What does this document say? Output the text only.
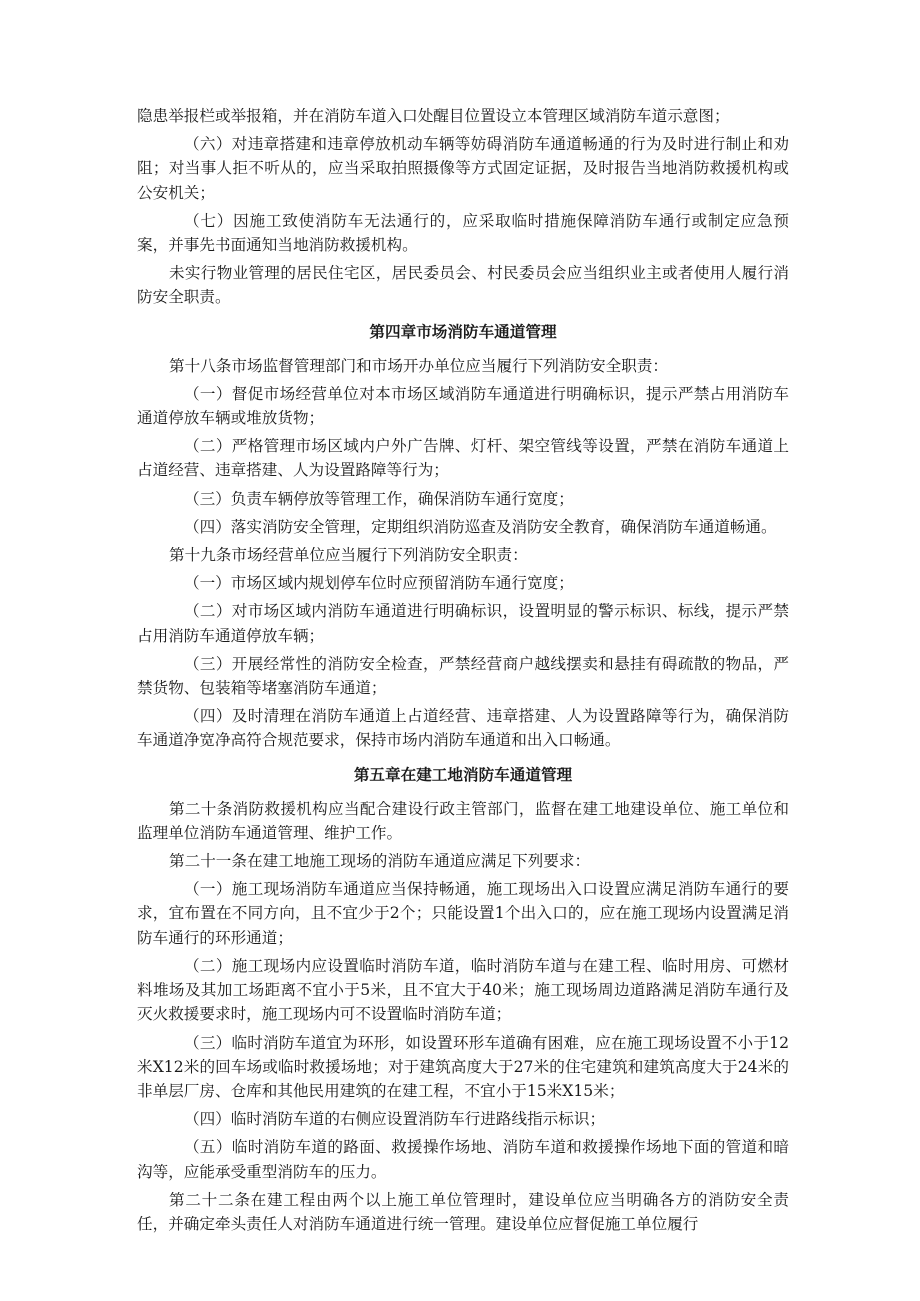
隐患举报栏或举报箱，并在消防车道入口处醒目位置设立本管理区域消防车道示意图；

（六）对违章搭建和违章停放机动车辆等妨碍消防车通道畅通的行为及时进行制止和劝阻；对当事人拒不听从的，应当采取拍照摄像等方式固定证据，及时报告当地消防救援机构或公安机关；

（七）因施工致使消防车无法通行的，应采取临时措施保障消防车通行或制定应急预案，并事先书面通知当地消防救援机构。

未实行物业管理的居民住宅区，居民委员会、村民委员会应当组织业主或者使用人履行消防安全职责。

第四章市场消防车通道管理

第十八条市场监督管理部门和市场开办单位应当履行下列消防安全职责：

（一）督促市场经营单位对本市场区域消防车通道进行明确标识，提示严禁占用消防车通道停放车辆或堆放货物；

（二）严格管理市场区域内户外广告牌、灯杆、架空管线等设置，严禁在消防车通道上占道经营、违章搭建、人为设置路障等行为；

（三）负责车辆停放等管理工作，确保消防车通行宽度；

（四）落实消防安全管理，定期组织消防巡查及消防安全教育，确保消防车通道畅通。

第十九条市场经营单位应当履行下列消防安全职责：

（一）市场区域内规划停车位时应预留消防车通行宽度；

（二）对市场区域内消防车通道进行明确标识，设置明显的警示标识、标线，提示严禁占用消防车通道停放车辆；

（三）开展经常性的消防安全检查，严禁经营商户越线摆卖和悬挂有碍疏散的物品，严禁货物、包装箱等堵塞消防车通道；

（四）及时清理在消防车通道上占道经营、违章搭建、人为设置路障等行为，确保消防车通道净宽净高符合规范要求，保持市场内消防车通道和出入口畅通。

第五章在建工地消防车通道管理

第二十条消防救援机构应当配合建设行政主管部门，监督在建工地建设单位、施工单位和监理单位消防车通道管理、维护工作。

第二十一条在建工地施工现场的消防车通道应满足下列要求：

（一）施工现场消防车通道应当保持畅通，施工现场出入口设置应满足消防车通行的要求，宜布置在不同方向，且不宜少于2个；只能设置1个出入口的，应在施工现场内设置满足消防车通行的环形通道；

（二）施工现场内应设置临时消防车道，临时消防车道与在建工程、临时用房、可燃材料堆场及其加工场距离不宜小于5米，且不宜大于40米；施工现场周边道路满足消防车通行及灭火救援要求时，施工现场内可不设置临时消防车道；

（三）临时消防车道宜为环形，如设置环形车道确有困难，应在施工现场设置不小于12米X12米的回车场或临时救援场地；对于建筑高度大于27米的住宅建筑和建筑高度大于24米的非单层厂房、仓库和其他民用建筑的在建工程，不宜小于15米X15米；

（四）临时消防车道的右侧应设置消防车行进路线指示标识；

（五）临时消防车道的路面、救援操作场地、消防车道和救援操作场地下面的管道和暗沟等，应能承受重型消防车的压力。

第二十二条在建工程由两个以上施工单位管理时，建设单位应当明确各方的消防安全责任，并确定牵头责任人对消防车通道进行统一管理。建设单位应督促施工单位履行
